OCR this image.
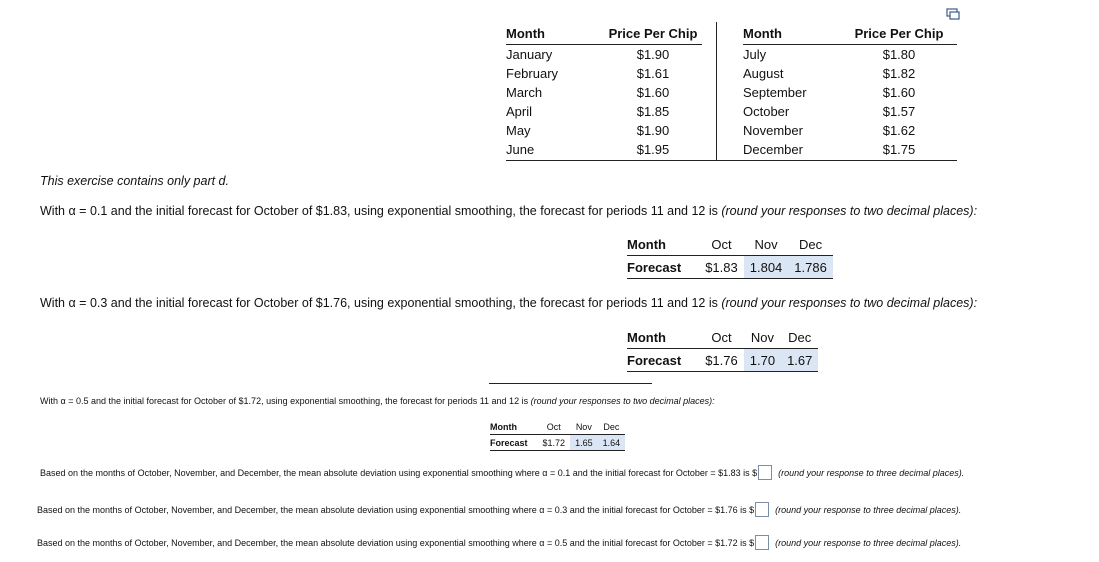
Month	Price Per Chip
January	$1.90
February	$1.61
March	$1.60
April	$1.85
May	$1.90
June	$1.95
Month	Price Per Chip
July	$1.80
August	$1.82
September	$1.60
October	$1.57
November	$1.62
December	$1.75
This exercise contains only part d.
With α = 0.1 and the initial forecast for October of $1.83, using exponential smoothing, the forecast for periods 11 and 12 is (round your responses to two decimal places):
Month	Oct	Nov	Dec
Forecast	$1.83	1.804	1.786
With α = 0.3 and the initial forecast for October of $1.76, using exponential smoothing, the forecast for periods 11 and 12 is (round your responses to two decimal places):
Month	Oct	Nov	Dec
Forecast	$1.76	1.70	1.67
With α = 0.5 and the initial forecast for October of $1.72, using exponential smoothing, the forecast for periods 11 and 12 is (round your responses to two decimal places):
Month	Oct	Nov	Dec
Forecast	$1.72	1.65	1.64
Based on the months of October, November, and December, the mean absolute deviation using exponential smoothing where α = 0.1 and the initial forecast for October = $1.83 is $ (round your response to three decimal places).
Based on the months of October, November, and December, the mean absolute deviation using exponential smoothing where α = 0.3 and the initial forecast for October = $1.76 is $ (round your response to three decimal places).
Based on the months of October, November, and December, the mean absolute deviation using exponential smoothing where α = 0.5 and the initial forecast for October = $1.72 is $ (round your response to three decimal places).
